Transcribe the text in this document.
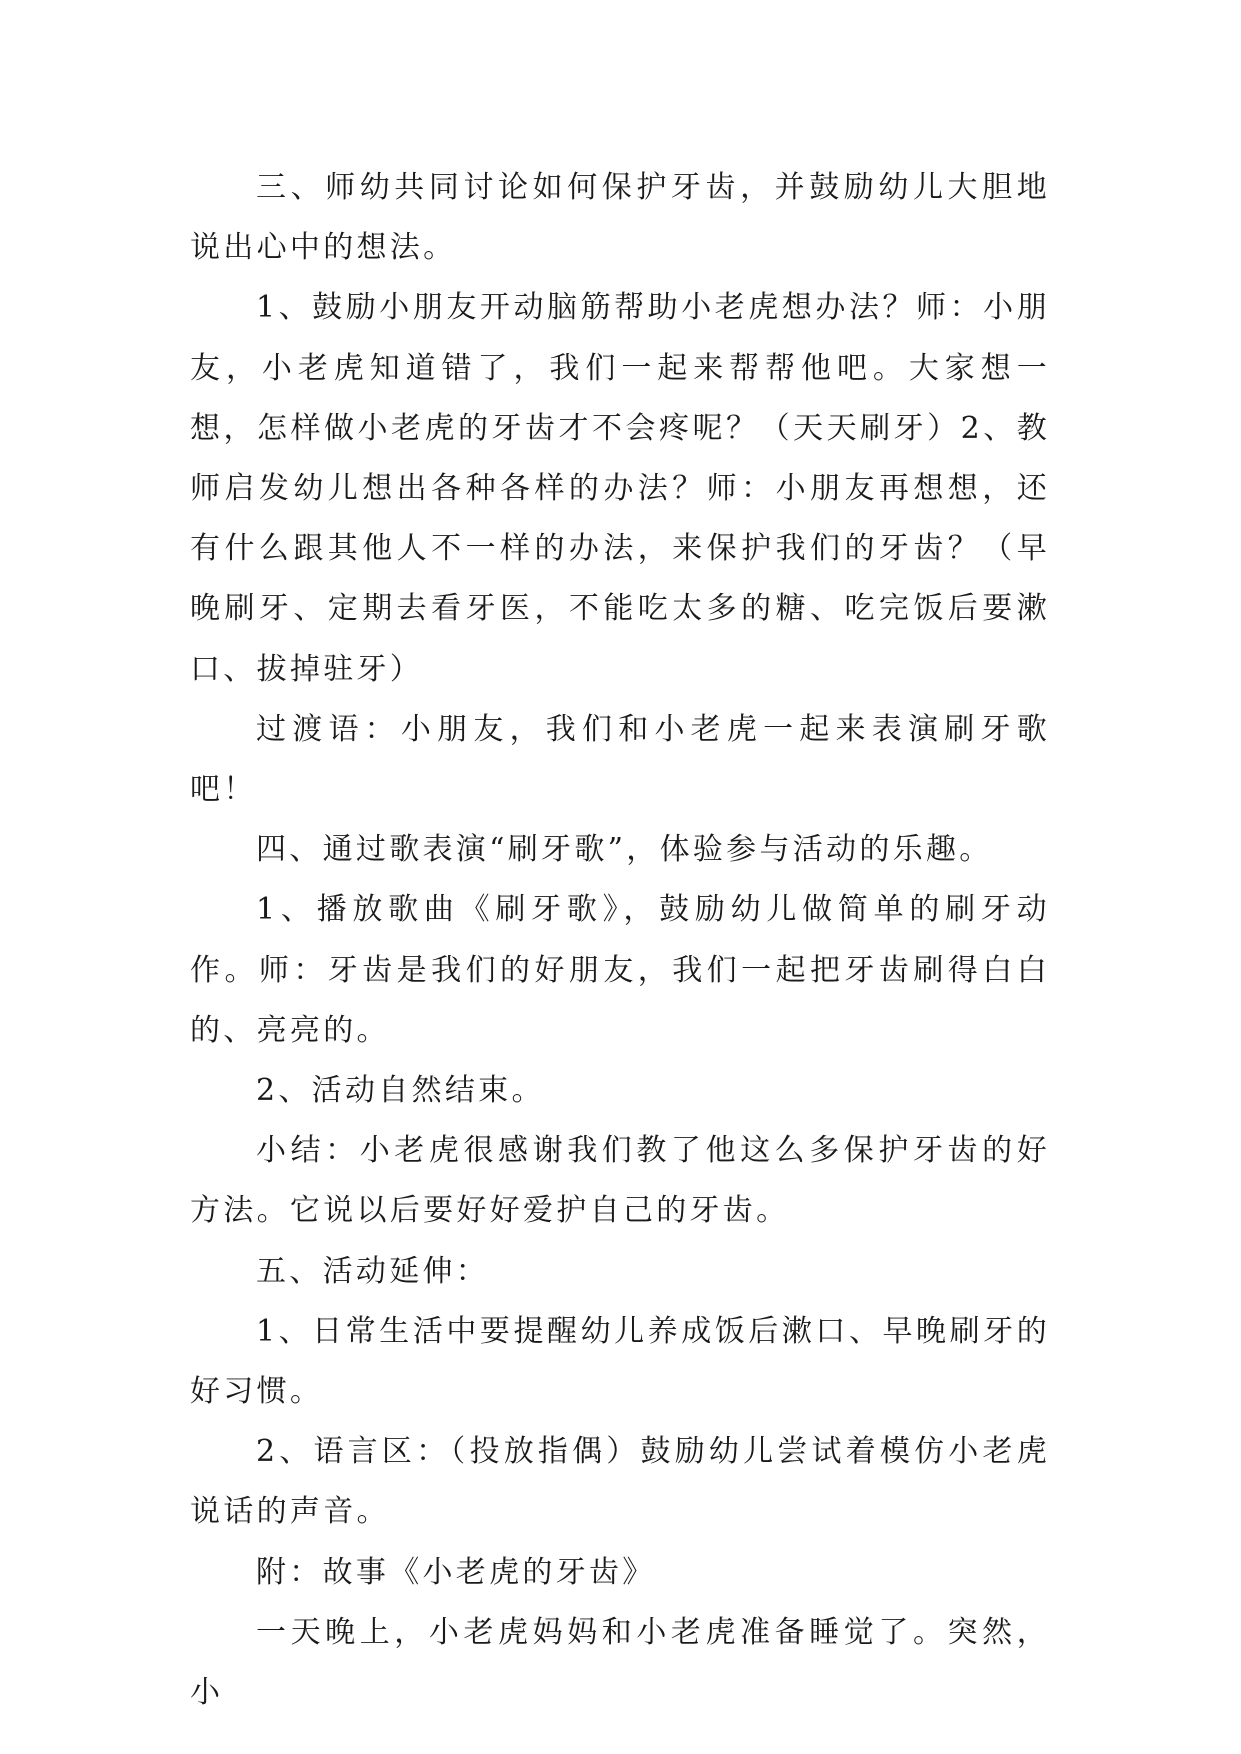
三、师幼共同讨论如何保护牙齿，并鼓励幼儿大胆地说出心中的想法。

1、鼓励小朋友开动脑筋帮助小老虎想办法？师：小朋友，小老虎知道错了，我们一起来帮帮他吧。大家想一想，怎样做小老虎的牙齿才不会疼呢？（天天刷牙）2、教师启发幼儿想出各种各样的办法？师：小朋友再想想，还有什么跟其他人不一样的办法，来保护我们的牙齿？（早晚刷牙、定期去看牙医，不能吃太多的糖、吃完饭后要漱口、拔掉驻牙）

过渡语：小朋友，我们和小老虎一起来表演刷牙歌吧！

四、通过歌表演“刷牙歌”，体验参与活动的乐趣。

1、播放歌曲《刷牙歌》，鼓励幼儿做简单的刷牙动作。师：牙齿是我们的好朋友，我们一起把牙齿刷得白白的、亮亮的。

2、活动自然结束。

小结：小老虎很感谢我们教了他这么多保护牙齿的好方法。它说以后要好好爱护自己的牙齿。

五、活动延伸：

1、日常生活中要提醒幼儿养成饭后漱口、早晚刷牙的好习惯。

2、语言区：（投放指偶）鼓励幼儿尝试着模仿小老虎说话的声音。

附：故事《小老虎的牙齿》

一天晚上，小老虎妈妈和小老虎准备睡觉了。突然，小
